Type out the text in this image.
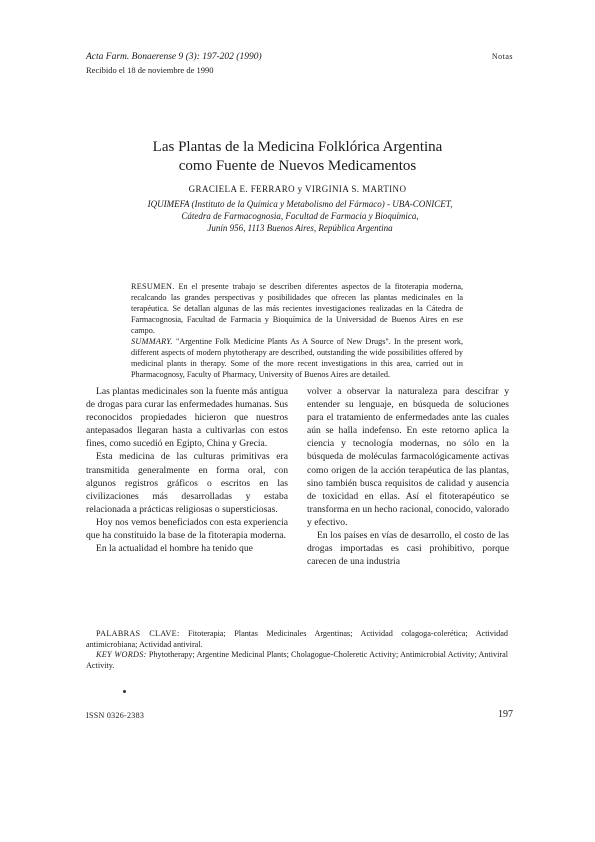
Acta Farm. Bonaerense 9 (3): 197-202 (1990)
Recibido el 18 de noviembre de 1990
Notas
Las Plantas de la Medicina Folklórica Argentina
como Fuente de Nuevos Medicamentos
GRACIELA E. FERRARO y VIRGINIA S. MARTINO
IQUIMEFA (Instituto de la Química y Metabolismo del Fármaco) - UBA-CONICET,
Cátedra de Farmacognosia, Facultad de Farmacia y Bioquímica,
Junín 956, 1113 Buenos Aires, República Argentina
RESUMEN. En el presente trabajo se describen diferentes aspectos de la fitoterapia moderna, recalcando las grandes perspectivas y posibilidades que ofrecen las plantas medicinales en la terapéutica. Se detallan algunas de las más recientes investigaciones realizadas en la Cátedra de Farmacognosia, Facultad de Farmacia y Bioquímica de la Universidad de Buenos Aires en ese campo.
SUMMARY. "Argentine Folk Medicine Plants As A Source of New Drugs". In the present work, different aspects of modern phytotherapy are described, outstanding the wide possibilities offered by medicinal plants in therapy. Some of the more recent investigations in this area, carried out in Pharmacognosy, Faculty of Pharmacy, University of Buenos Aires are detailed.

Las plantas medicinales son la fuente más antigua de drogas para curar las enfermedades humanas. Sus reconocidos propiedades hicieron que nuestros antepasados llegaran hasta a cultivarlas con estos fines, como sucedió en Egipto, China y Grecia.

Esta medicina de las culturas primitivas era transmitida generalmente en forma oral, con algunos registros gráficos o escritos en las civilizaciones más desarrolladas y estaba relacionada a prácticas religiosas o supersticiosas.

Hoy nos vemos beneficiados con esta experiencia que ha constituido la base de la fitoterapia moderna.

En la actualidad el hombre ha tenido que

volver a observar la naturaleza para descifrar y entender su lenguaje, en búsqueda de soluciones para el tratamiento de enfermedades ante las cuales aún se halla indefenso. En este retorno aplica la ciencia y tecnología modernas, no sólo en la búsqueda de moléculas farmacológicamente activas como origen de la acción terapéutica de las plantas, sino también busca requisitos de calidad y ausencia de toxicidad en ellas. Así el fitoterapéutico se transforma en un hecho racional, conocido, valorado y efectivo.

En los países en vías de desarrollo, el costo de las drogas importadas es casi prohibitivo, porque carecen de una industria

PALABRAS CLAVE: Fitoterapia; Plantas Medicinales Argentinas; Actividad colagoga-colerética; Actividad antimicrobiana; Actividad antiviral.

KEY WORDS: Phytotherapy; Argentine Medicinal Plants; Cholagogue-Choleretic Activity; Antimicrobial Activity; Antiviral Activity.

ISSN 0326-2383	197
